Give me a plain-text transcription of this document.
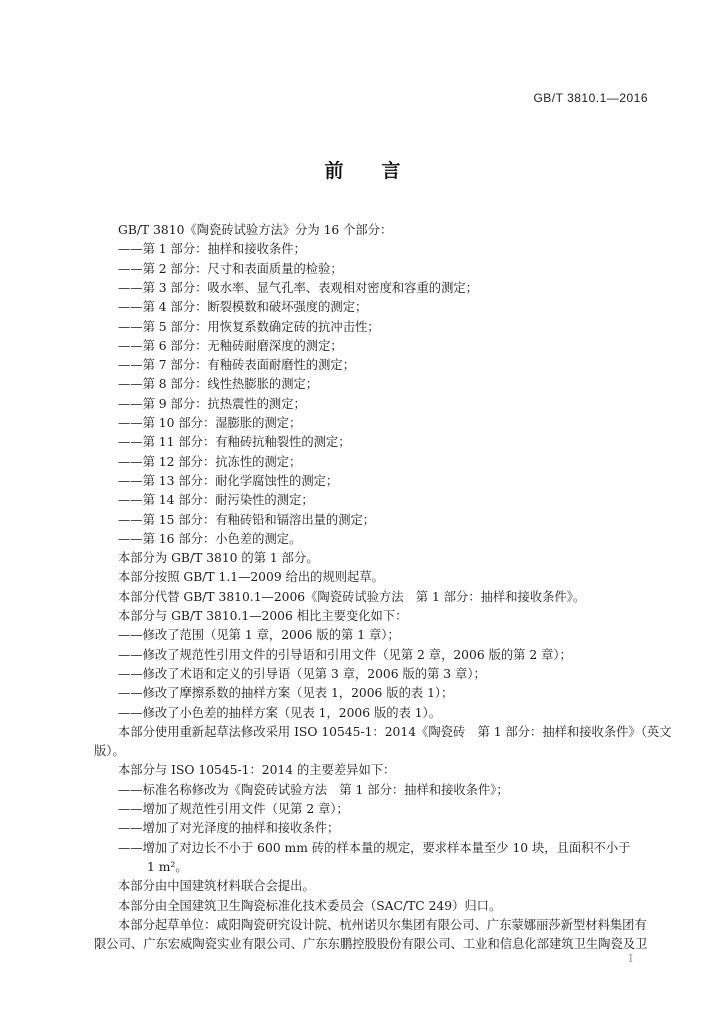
GB/T 3810.1—2016
前言
GB/T 3810《陶瓷砖试验方法》分为 16 个部分：
——第 1 部分：抽样和接收条件；
——第 2 部分：尺寸和表面质量的检验；
——第 3 部分：吸水率、显气孔率、表观相对密度和容重的测定；
——第 4 部分：断裂模数和破坏强度的测定；
——第 5 部分：用恢复系数确定砖的抗冲击性；
——第 6 部分：无釉砖耐磨深度的测定；
——第 7 部分：有釉砖表面耐磨性的测定；
——第 8 部分：线性热膨胀的测定；
——第 9 部分：抗热震性的测定；
——第 10 部分：湿膨胀的测定；
——第 11 部分：有釉砖抗釉裂性的测定；
——第 12 部分：抗冻性的测定；
——第 13 部分：耐化学腐蚀性的测定；
——第 14 部分：耐污染性的测定；
——第 15 部分：有釉砖铅和镉溶出量的测定；
——第 16 部分：小色差的测定。
本部分为 GB/T 3810 的第 1 部分。
本部分按照 GB/T 1.1—2009 给出的规则起草。
本部分代替 GB/T 3810.1—2006《陶瓷砖试验方法　第 1 部分：抽样和接收条件》。
本部分与 GB/T 3810.1—2006 相比主要变化如下：
——修改了范围（见第 1 章，2006 版的第 1 章）；
——修改了规范性引用文件的引导语和引用文件（见第 2 章，2006 版的第 2 章）；
——修改了术语和定义的引导语（见第 3 章，2006 版的第 3 章）；
——修改了摩擦系数的抽样方案（见表 1，2006 版的表 1）；
——修改了小色差的抽样方案（见表 1，2006 版的表 1）。
本部分使用重新起草法修改采用 ISO 10545-1：2014《陶瓷砖　第 1 部分：抽样和接收条件》（英文
版）。
本部分与 ISO 10545-1：2014 的主要差异如下：
——标准名称修改为《陶瓷砖试验方法　第 1 部分：抽样和接收条件》；
——增加了规范性引用文件（见第 2 章）；
——增加了对光泽度的抽样和接收条件；
——增加了对边长不小于 600 mm 砖的样本量的规定，要求样本量至少 10 块，且面积不小于
1 m²。
本部分由中国建筑材料联合会提出。
本部分由全国建筑卫生陶瓷标准化技术委员会（SAC/TC 249）归口。
本部分起草单位：咸阳陶瓷研究设计院、杭州诺贝尔集团有限公司、广东蒙娜丽莎新型材料集团有
限公司、广东宏威陶瓷实业有限公司、广东东鹏控股股份有限公司、工业和信息化部建筑卫生陶瓷及卫
I
